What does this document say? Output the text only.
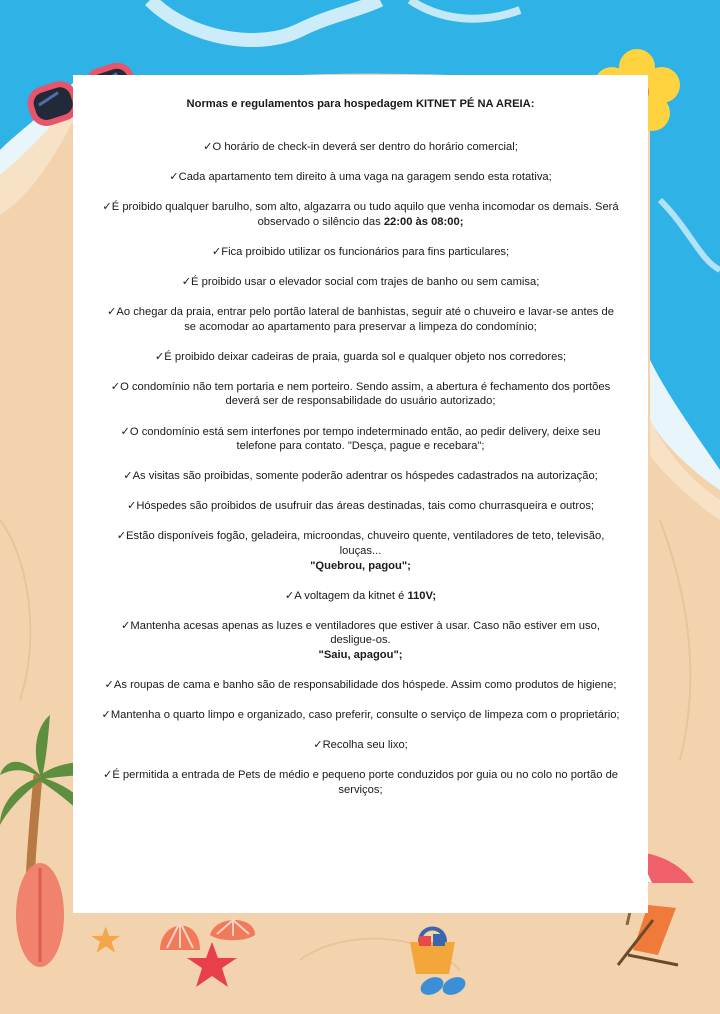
Normas e regulamentos para hospedagem KITNET PÉ NA AREIA:

✓O horário de check-in deverá ser dentro do horário comercial;

✓Cada apartamento tem direito à uma vaga na garagem sendo esta rotativa;

✓É proibido qualquer barulho, som alto, algazarra ou tudo aquilo que venha incomodar os demais. Será observado o silêncio das 22:00 às 08:00;

✓Fica proibido utilizar os funcionários para fins particulares;

✓É proibido usar o elevador social com trajes de banho ou sem camisa;

✓Ao chegar da praia, entrar pelo portão lateral de banhistas, seguir até o chuveiro e lavar-se antes de se acomodar ao apartamento para preservar a limpeza do condomínio;

✓É proibido deixar cadeiras de praia, guarda sol e qualquer objeto nos corredores;

✓O condomínio não tem portaria e nem porteiro. Sendo assim, a abertura é fechamento dos portões deverá ser de responsabilidade do usuário autorizado;

✓O condomínio está sem interfones por tempo indeterminado então, ao pedir delivery, deixe seu telefone para contato. "Desça, pague e recebara";

✓As visitas são proibidas, somente poderão adentrar os hóspedes cadastrados na autorização;

✓Hóspedes são proibidos de usufruir das áreas destinadas, tais como churrasqueira e outros;

✓Estão disponíveis fogão, geladeira, microondas, chuveiro quente, ventiladores de teto, televisão, louças...
"Quebrou, pagou";

✓A voltagem da kitnet é 110V;

✓Mantenha acesas apenas as luzes e ventiladores que estiver à usar. Caso não estiver em uso, desligue-os.
"Saiu, apagou";

✓As roupas de cama e banho são de responsabilidade dos hóspede. Assim como produtos de higiene;

✓Mantenha o quarto limpo e organizado, caso preferir, consulte o serviço de limpeza com o proprietário;

✓Recolha seu lixo;

✓É permitida a entrada de Pets de médio e pequeno porte conduzidos por guia ou no colo no portão de serviços;
